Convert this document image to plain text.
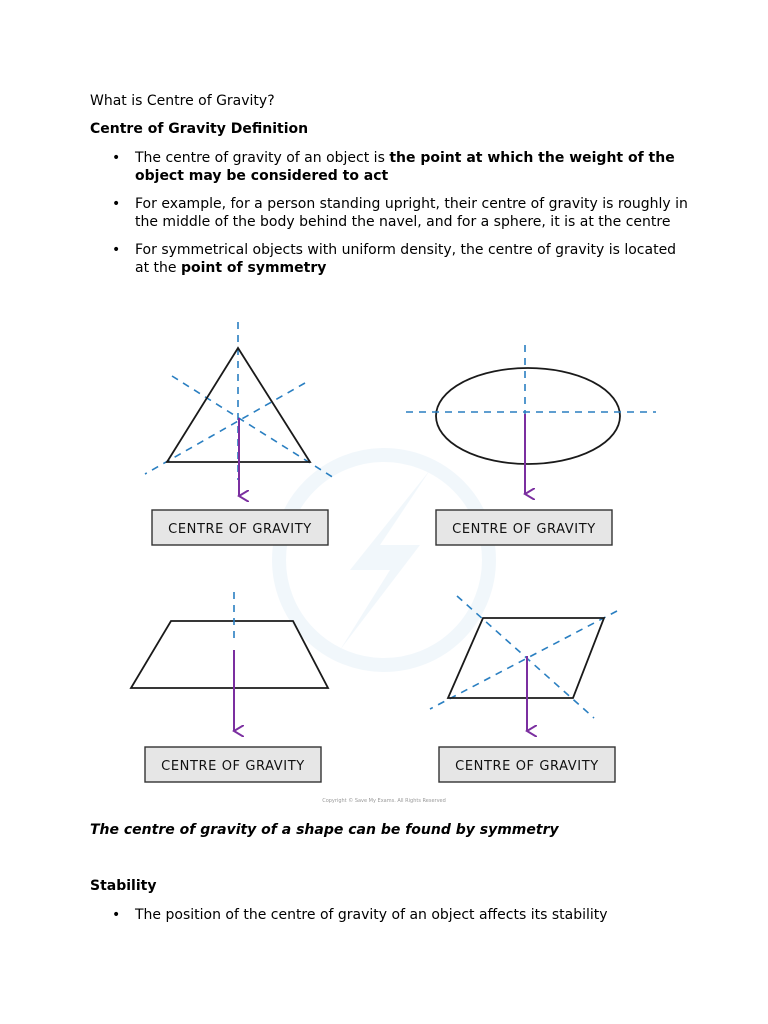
What is Centre of Gravity?
Centre of Gravity Definition
• The centre of gravity of an object is the point at which the weight of the object may be considered to act
• For example, for a person standing upright, their centre of gravity is roughly in the middle of the body behind the navel, and for a sphere, it is at the centre
• For symmetrical objects with uniform density, the centre of gravity is located at the point of symmetry
CENTRE OF GRAVITY	CENTRE OF GRAVITY
CENTRE OF GRAVITY	CENTRE OF GRAVITY
Copyright © Save My Exams. All Rights Reserved
The centre of gravity of a shape can be found by symmetry
Stability
• The position of the centre of gravity of an object affects its stability
